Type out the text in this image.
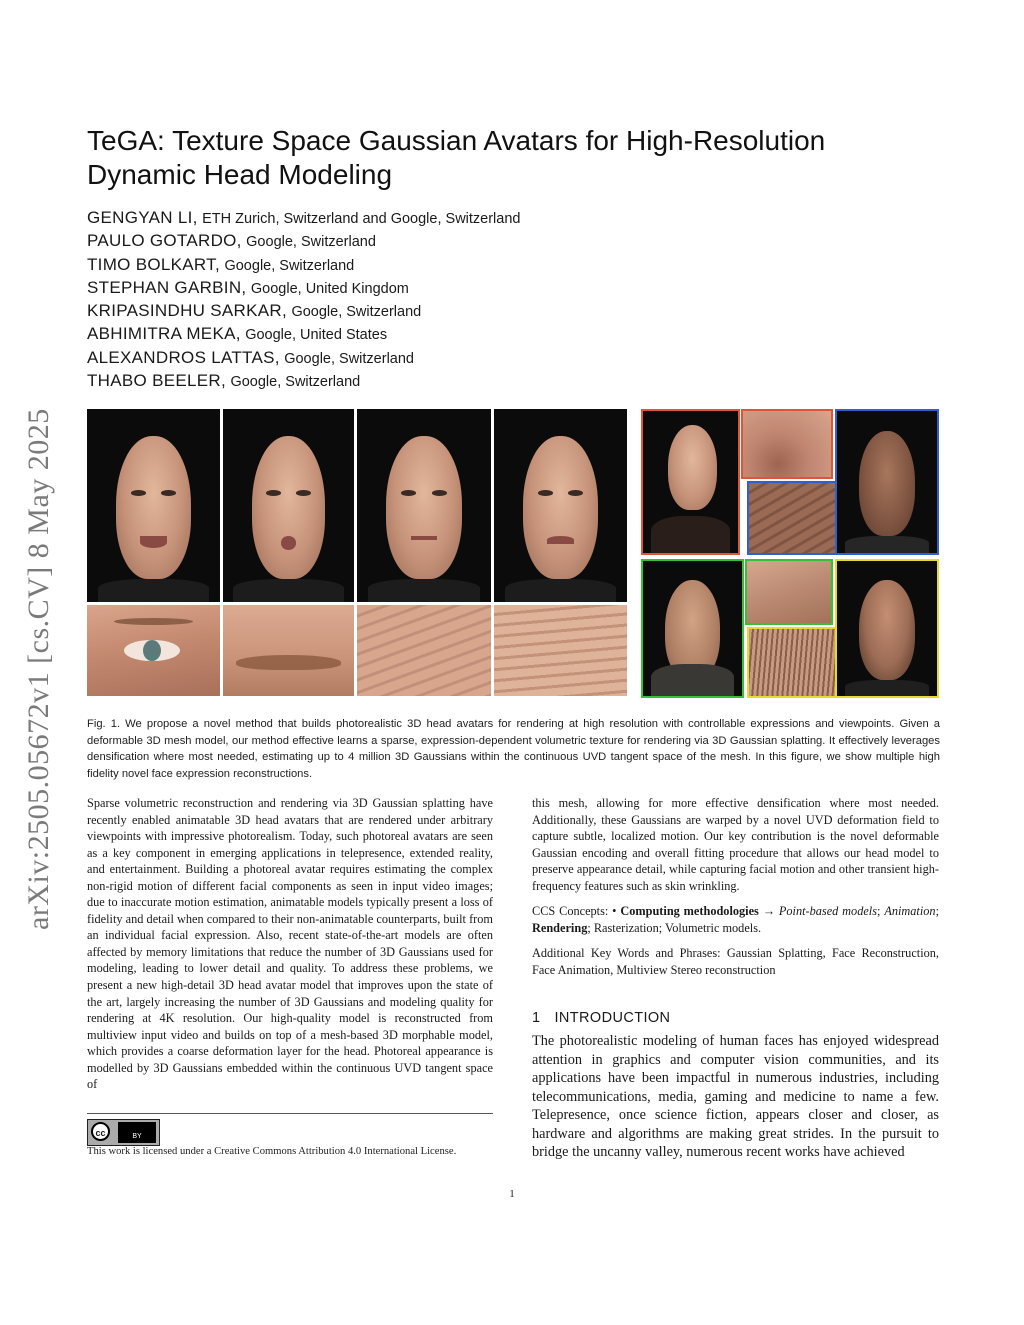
arXiv:2505.05672v1 [cs.CV] 8 May 2025
TeGA: Texture Space Gaussian Avatars for High-Resolution Dynamic Head Modeling
GENGYAN LI, ETH Zurich, Switzerland and Google, Switzerland
PAULO GOTARDO, Google, Switzerland
TIMO BOLKART, Google, Switzerland
STEPHAN GARBIN, Google, United Kingdom
KRIPASINDHU SARKAR, Google, Switzerland
ABHIMITRA MEKA, Google, United States
ALEXANDROS LATTAS, Google, Switzerland
THABO BEELER, Google, Switzerland
Fig. 1. We propose a novel method that builds photorealistic 3D head avatars for rendering at high resolution with controllable expressions and viewpoints. Given a deformable 3D mesh model, our method effective learns a sparse, expression-dependent volumetric texture for rendering via 3D Gaussian splatting. It effectively leverages densification where most needed, estimating up to 4 million 3D Gaussians within the continuous UVD tangent space of the mesh. In this figure, we show multiple high fidelity novel face expression reconstructions.

Sparse volumetric reconstruction and rendering via 3D Gaussian splatting have recently enabled animatable 3D head avatars that are rendered under arbitrary viewpoints with impressive photorealism. Today, such photoreal avatars are seen as a key component in emerging applications in telepresence, extended reality, and entertainment. Building a photoreal avatar requires estimating the complex non-rigid motion of different facial components as seen in input video images; due to inaccurate motion estimation, animatable models typically present a loss of fidelity and detail when compared to their non-animatable counterparts, built from an individual facial expression. Also, recent state-of-the-art models are often affected by memory limitations that reduce the number of 3D Gaussians used for modeling, leading to lower detail and quality. To address these problems, we present a new high-detail 3D head avatar model that improves upon the state of the art, largely increasing the number of 3D Gaussians and modeling quality for rendering at 4K resolution. Our high-quality model is reconstructed from multiview input video and builds on top of a mesh-based 3D morphable model, which provides a coarse deformation layer for the head. Photoreal appearance is modelled by 3D Gaussians embedded within the continuous UVD tangent space of

this mesh, allowing for more effective densification where most needed. Additionally, these Gaussians are warped by a novel UVD deformation field to capture subtle, localized motion. Our key contribution is the novel deformable Gaussian encoding and overall fitting procedure that allows our head model to preserve appearance detail, while capturing facial motion and other transient high-frequency features such as skin wrinkling.

CCS Concepts: • Computing methodologies → Point-based models; Animation; Rendering; Rasterization; Volumetric models.

Additional Key Words and Phrases: Gaussian Splatting, Face Reconstruction, Face Animation, Multiview Stereo reconstruction

cc	BY
This work is licensed under a Creative Commons Attribution 4.0 International License.
1 INTRODUCTION
The photorealistic modeling of human faces has enjoyed widespread attention in graphics and computer vision communities, and its applications have been impactful in numerous industries, including telecommunications, media, gaming and medicine to name a few. Telepresence, once science fiction, appears closer and closer, as hardware and algorithms are making great strides. In the pursuit to bridge the uncanny valley, numerous recent works have achieved
1
